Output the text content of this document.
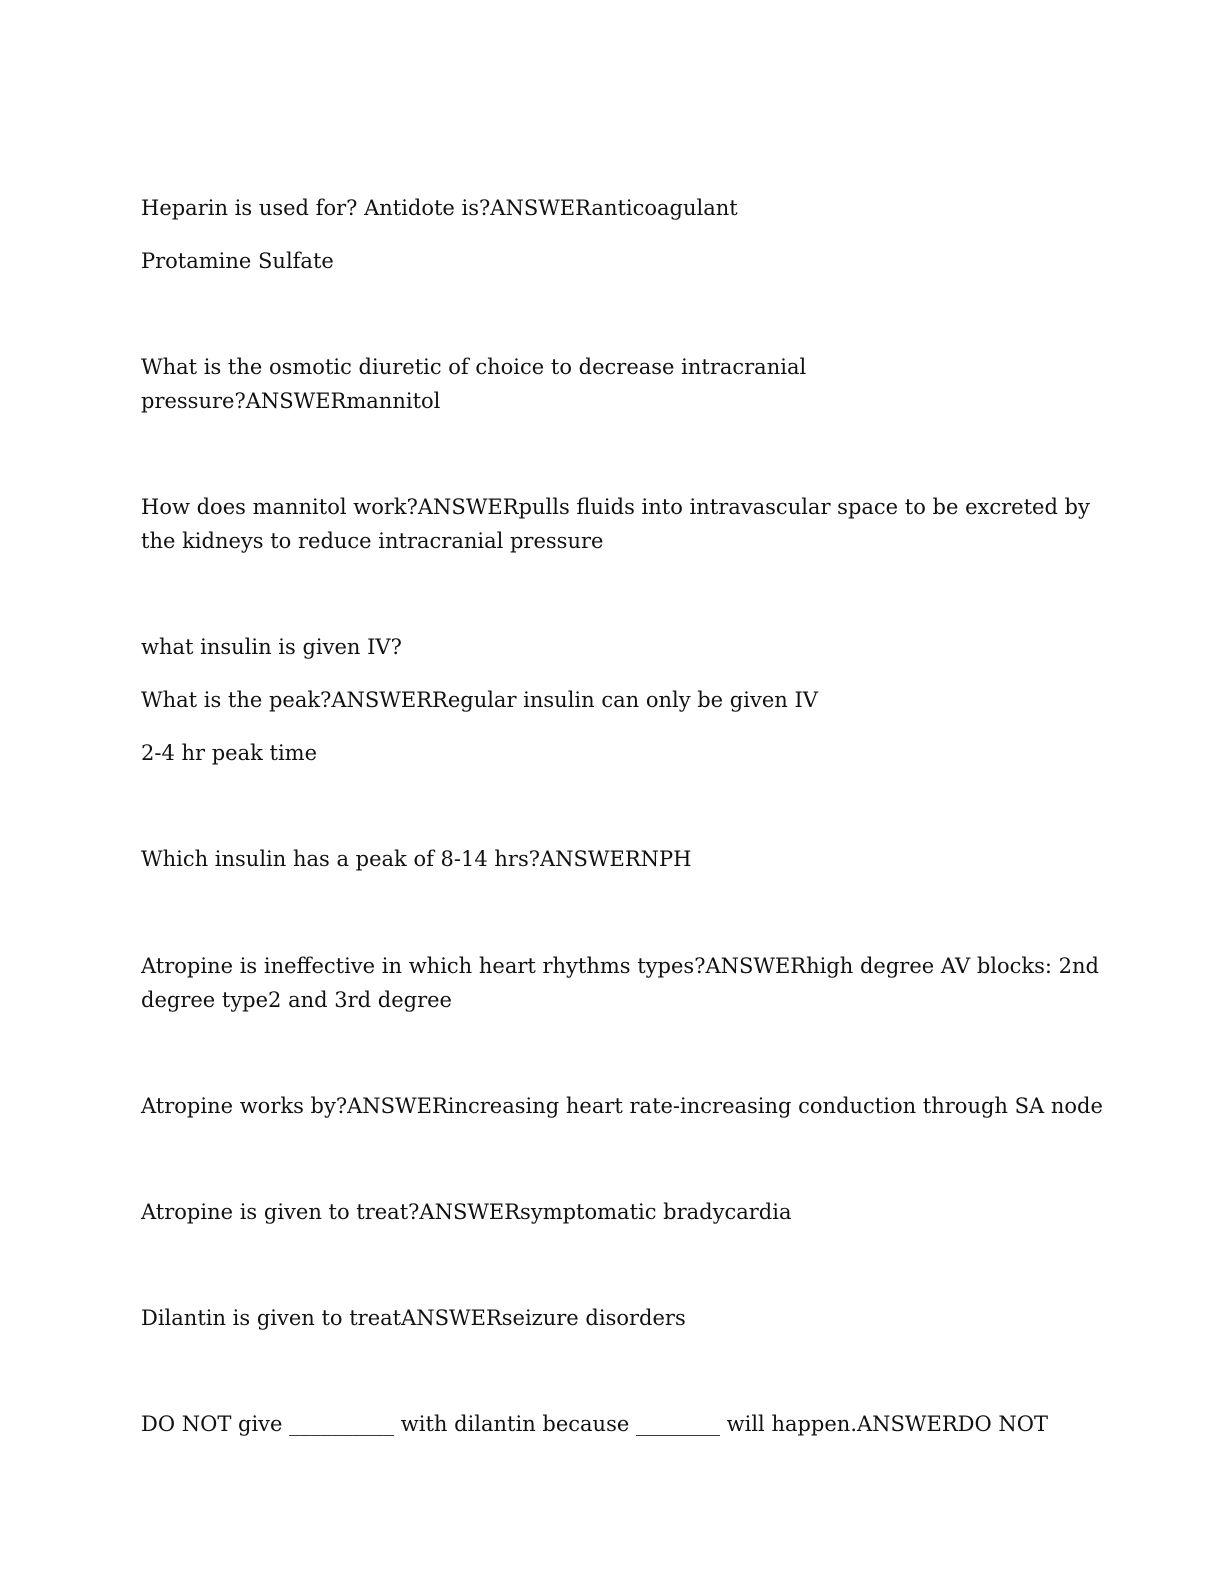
Heparin is used for? Antidote is?ANSWERanticoagulant
Protamine Sulfate
What is the osmotic diuretic of choice to decrease intracranial
pressure?ANSWERmannitol
How does mannitol work?ANSWERpulls fluids into intravascular space to be excreted by
the kidneys to reduce intracranial pressure
what insulin is given IV?
What is the peak?ANSWERRegular insulin can only be given IV
2-4 hr peak time
Which insulin has a peak of 8-14 hrs?ANSWERNPH
Atropine is ineffective in which heart rhythms types?ANSWERhigh degree AV blocks: 2nd
degree type2 and 3rd degree
Atropine works by?ANSWERincreasing heart rate-increasing conduction through SA node
Atropine is given to treat?ANSWERsymptomatic bradycardia
Dilantin is given to treatANSWERseizure disorders
DO NOT give __________ with dilantin because ________ will happen.ANSWERDO NOT
